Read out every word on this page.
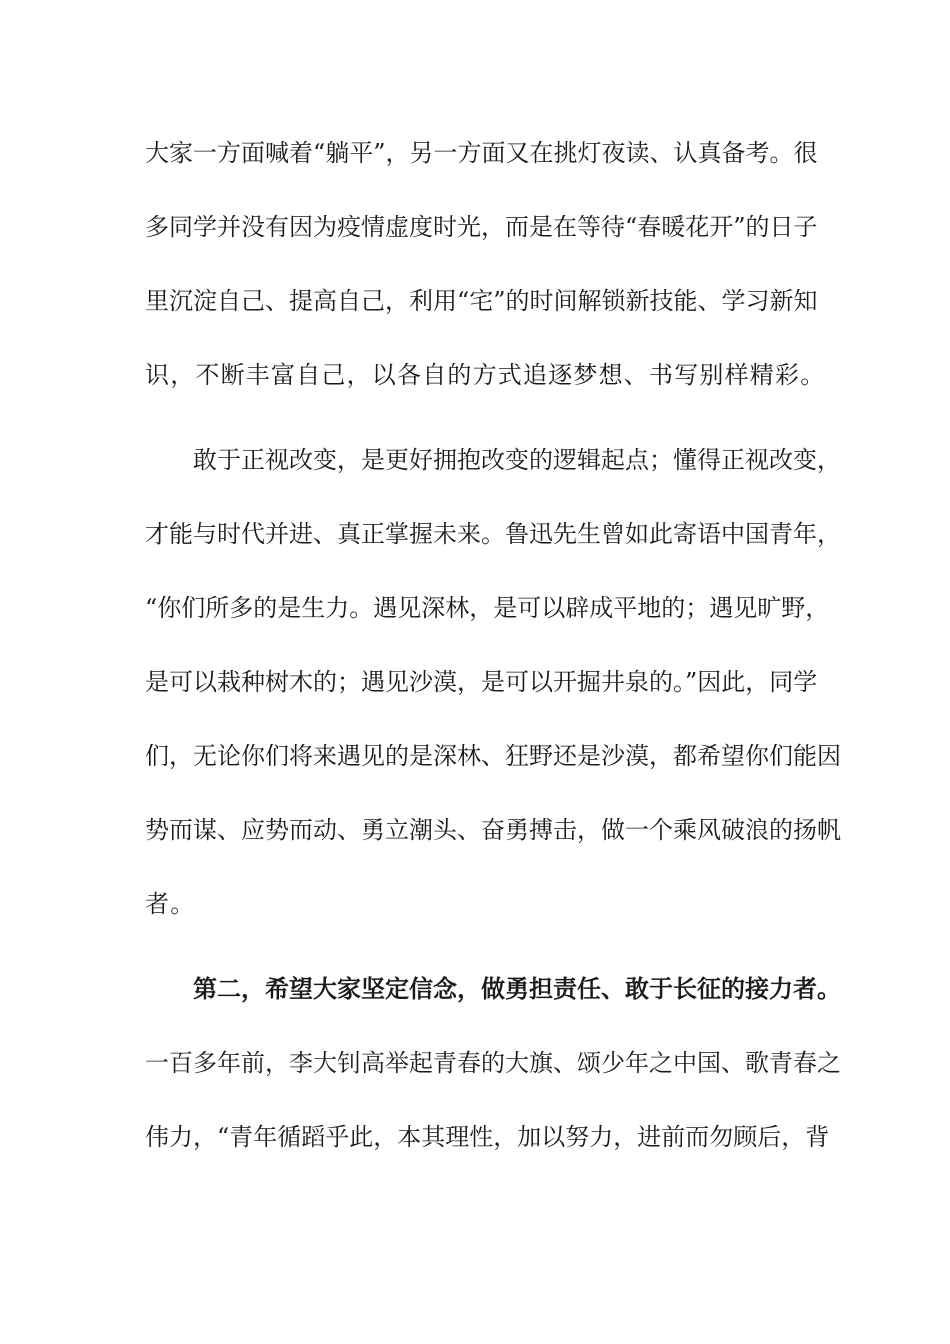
大家一方面喊着“躺平”，另一方面又在挑灯夜读、认真备考。很
多同学并没有因为疫情虚度时光，而是在等待“春暖花开”的日子
里沉淀自己、提高自己，利用“宅”的时间解锁新技能、学习新知
识，不断丰富自己，以各自的方式追逐梦想、书写别样精彩。
敢于正视改变，是更好拥抱改变的逻辑起点；懂得正视改变，
才能与时代并进、真正掌握未来。鲁迅先生曾如此寄语中国青年，
“你们所多的是生力。遇见深林，是可以辟成平地的；遇见旷野，
是可以栽种树木的；遇见沙漠，是可以开掘井泉的。”因此，同学
们，无论你们将来遇见的是深林、狂野还是沙漠，都希望你们能因
势而谋、应势而动、勇立潮头、奋勇搏击，做一个乘风破浪的扬帆
者。
第二，希望大家坚定信念，做勇担责任、敢于长征的接力者。
一百多年前，李大钊高举起青春的大旗、颂少年之中国、歌青春之
伟力，“青年循蹈乎此，本其理性，加以努力，进前而勿顾后，背
